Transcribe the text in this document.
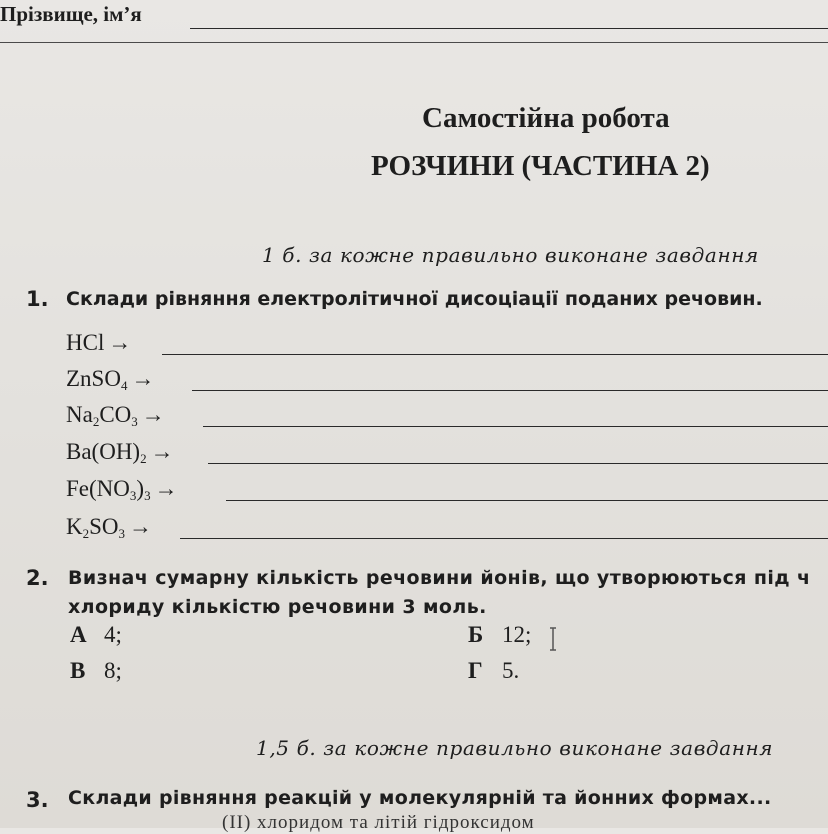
Прізвище, ім’я
Самостійна робота
РОЗЧИНИ (ЧАСТИНА 2)
1 б. за кожне правильно виконане завдання
1. Склади рівняння електролітичної дисоціації поданих речовин.
HCl →
ZnSO$_4$ →
$Na_2CO_3$ →
$Ba(OH)_2$ →
$Fe(NO_3)_3$ →
$K_2SO_3$ →
2. Визнач сумарну кількість речовини йонів, що утворюються під ч
хлориду кількістю речовини 3 моль.
А 4;	Б 12;
В 8;	Г 5.
1,5 б. за кожне правильно виконане завдання
3. Склади рівняння реакцій у молекулярній та йонних формах...
(II) хлоридом та літій гідроксидом
